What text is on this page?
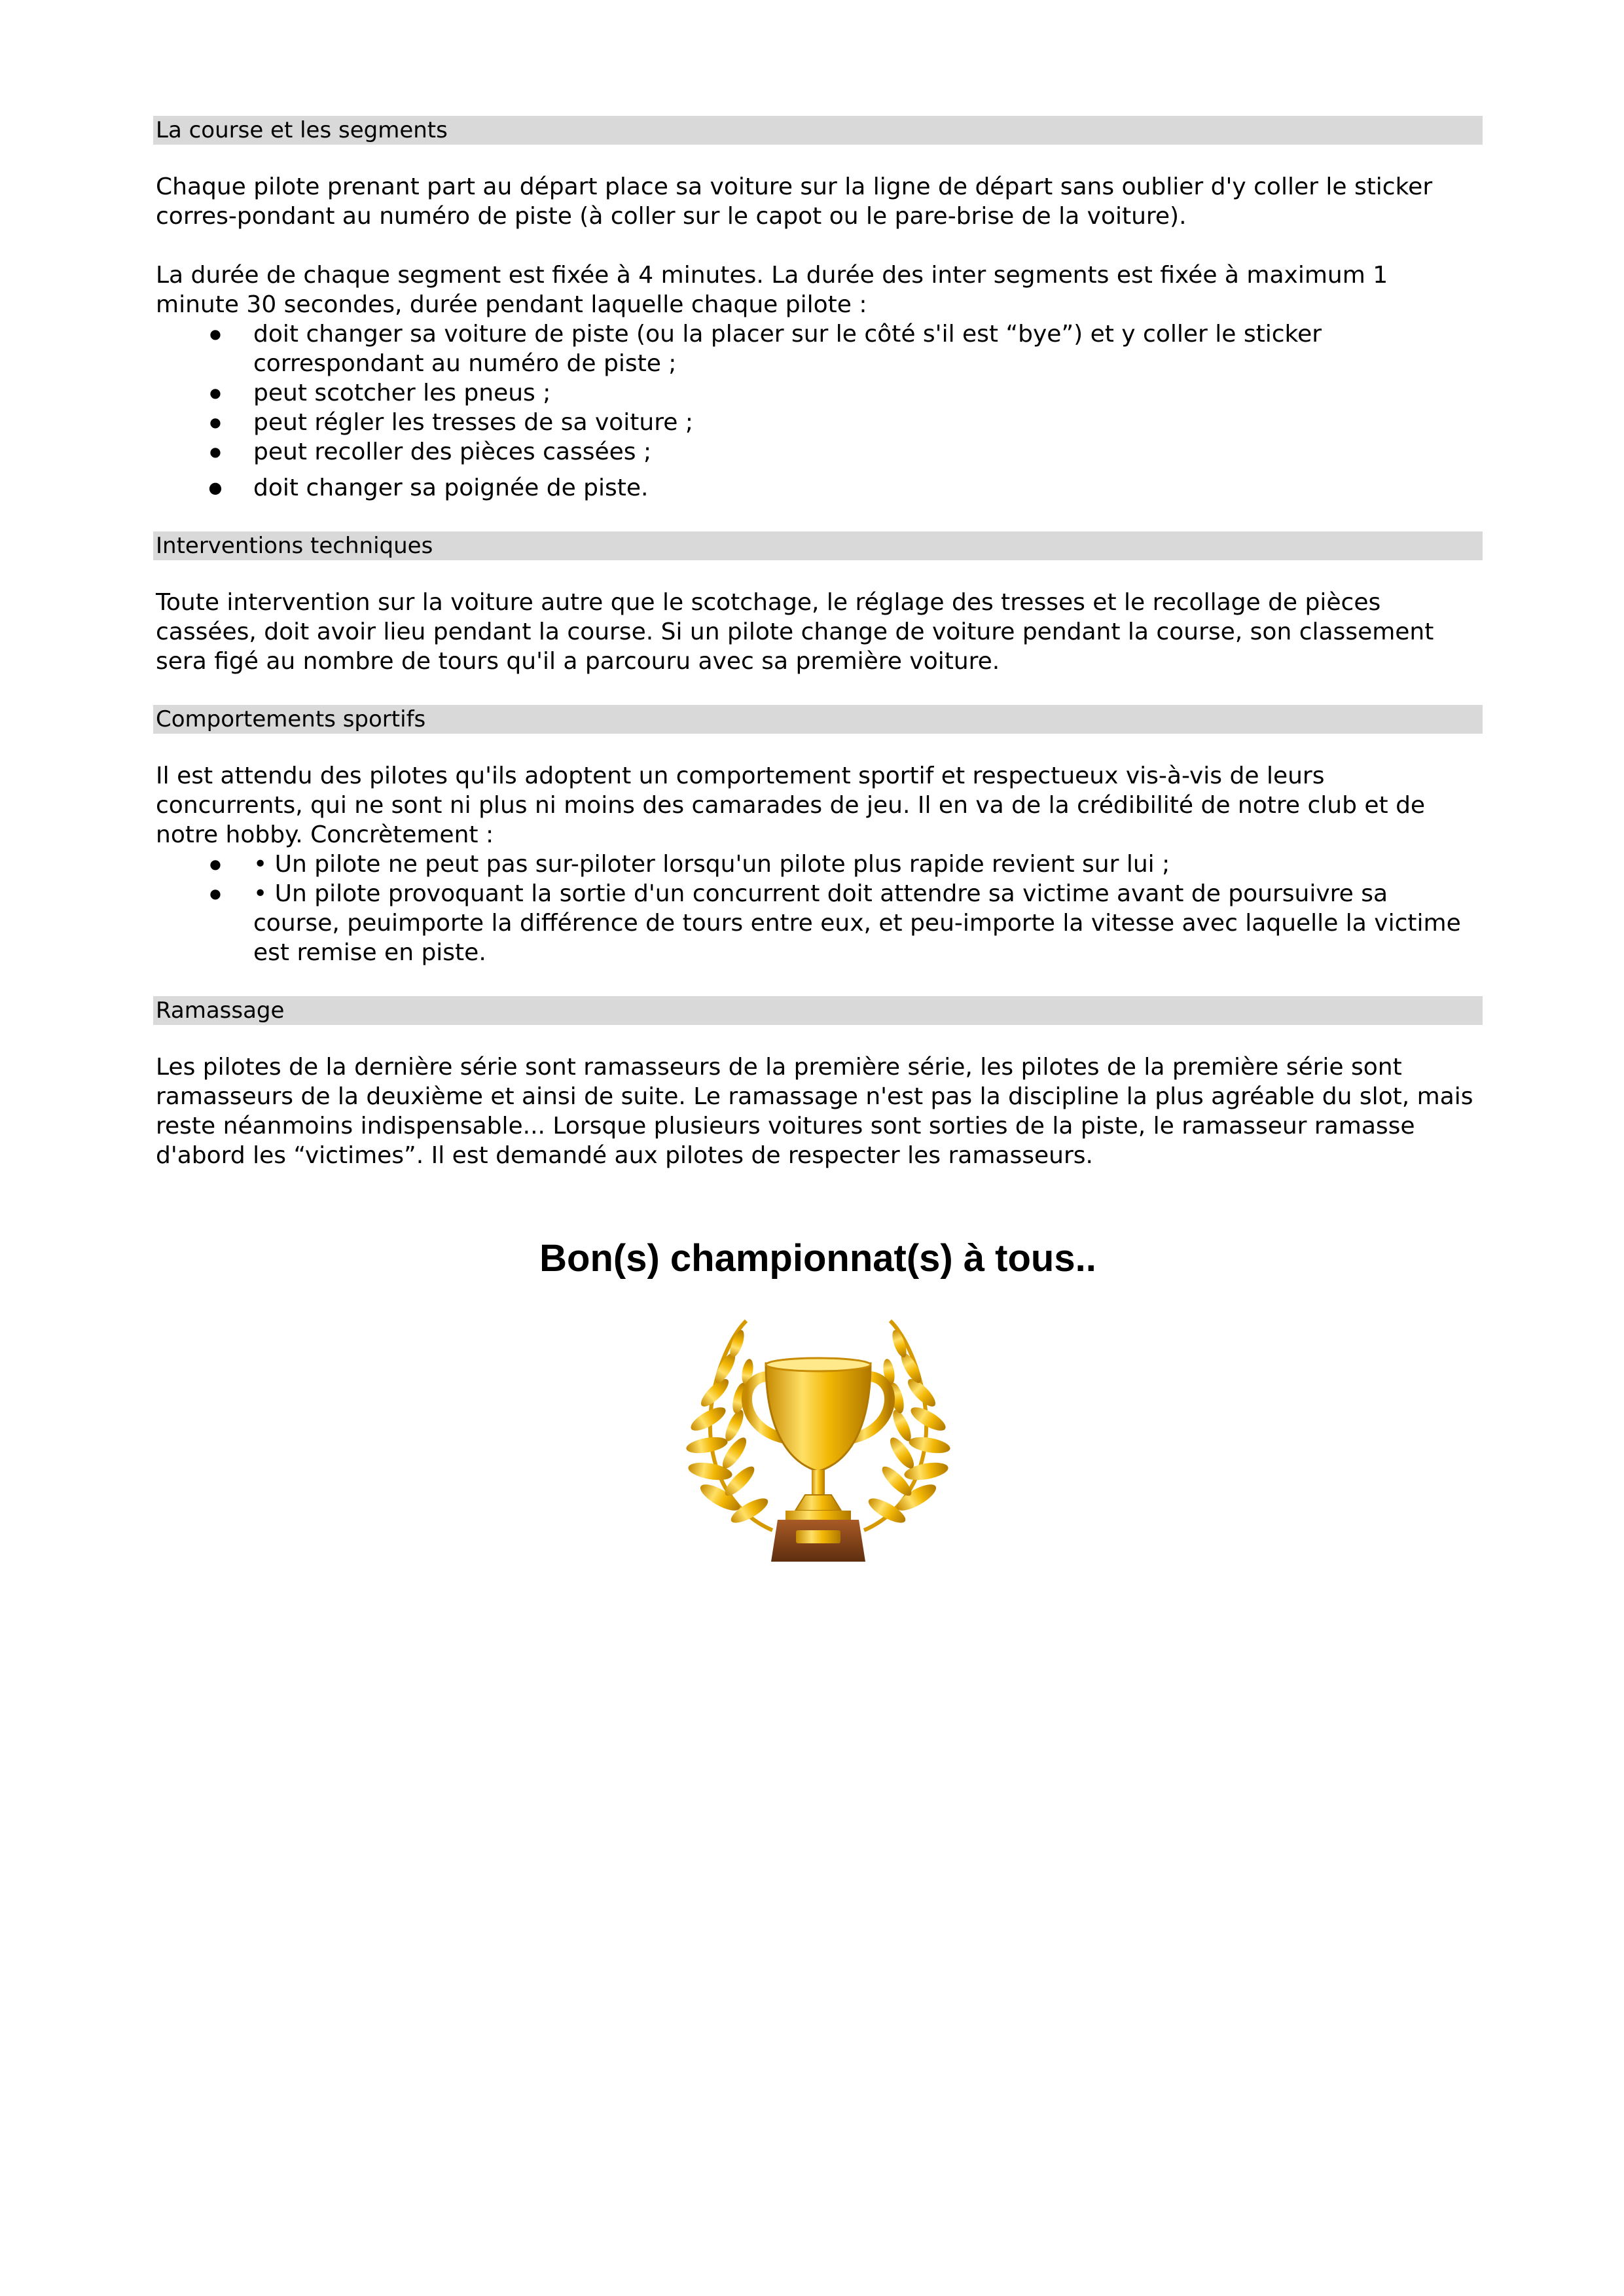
La course et les segments

Chaque pilote prenant part au départ place sa voiture sur la ligne de départ sans oublier d'y coller le sticker corres-pondant au numéro de piste (à coller sur le capot ou le pare-brise de la voiture).

La durée de chaque segment est fixée à 4 minutes. La durée des inter segments est fixée à maximum 1 minute 30 secondes, durée pendant laquelle chaque pilote :

● doit changer sa voiture de piste (ou la placer sur le côté s'il est “bye”) et y coller le sticker correspondant au numéro de piste ;
● peut scotcher les pneus ;
● peut régler les tresses de sa voiture ;
● peut recoller des pièces cassées ;
● doit changer sa poignée de piste.
Interventions techniques

Toute intervention sur la voiture autre que le scotchage, le réglage des tresses et le recollage de pièces cassées, doit avoir lieu pendant la course. Si un pilote change de voiture pendant la course, son classement sera figé au nombre de tours qu'il a parcouru avec sa première voiture.

Comportements sportifs

Il est attendu des pilotes qu'ils adoptent un comportement sportif et respectueux vis-à-vis de leurs concurrents, qui ne sont ni plus ni moins des camarades de jeu. Il en va de la crédibilité de notre club et de notre hobby. Concrètement :

● • Un pilote ne peut pas sur-piloter lorsqu'un pilote plus rapide revient sur lui ;
● • Un pilote provoquant la sortie d'un concurrent doit attendre sa victime avant de poursuivre sa course, peuimporte la différence de tours entre eux, et peu-importe la vitesse avec laquelle la victime est remise en piste.
Ramassage

Les pilotes de la dernière série sont ramasseurs de la première série, les pilotes de la première série sont ramasseurs de la deuxième et ainsi de suite. Le ramassage n'est pas la discipline la plus agréable du slot, mais reste néanmoins indispensable... Lorsque plusieurs voitures sont sorties de la piste, le ramasseur ramasse d'abord les “victimes”. Il est demandé aux pilotes de respecter les ramasseurs.

Bon(s) championnat(s) à tous..
